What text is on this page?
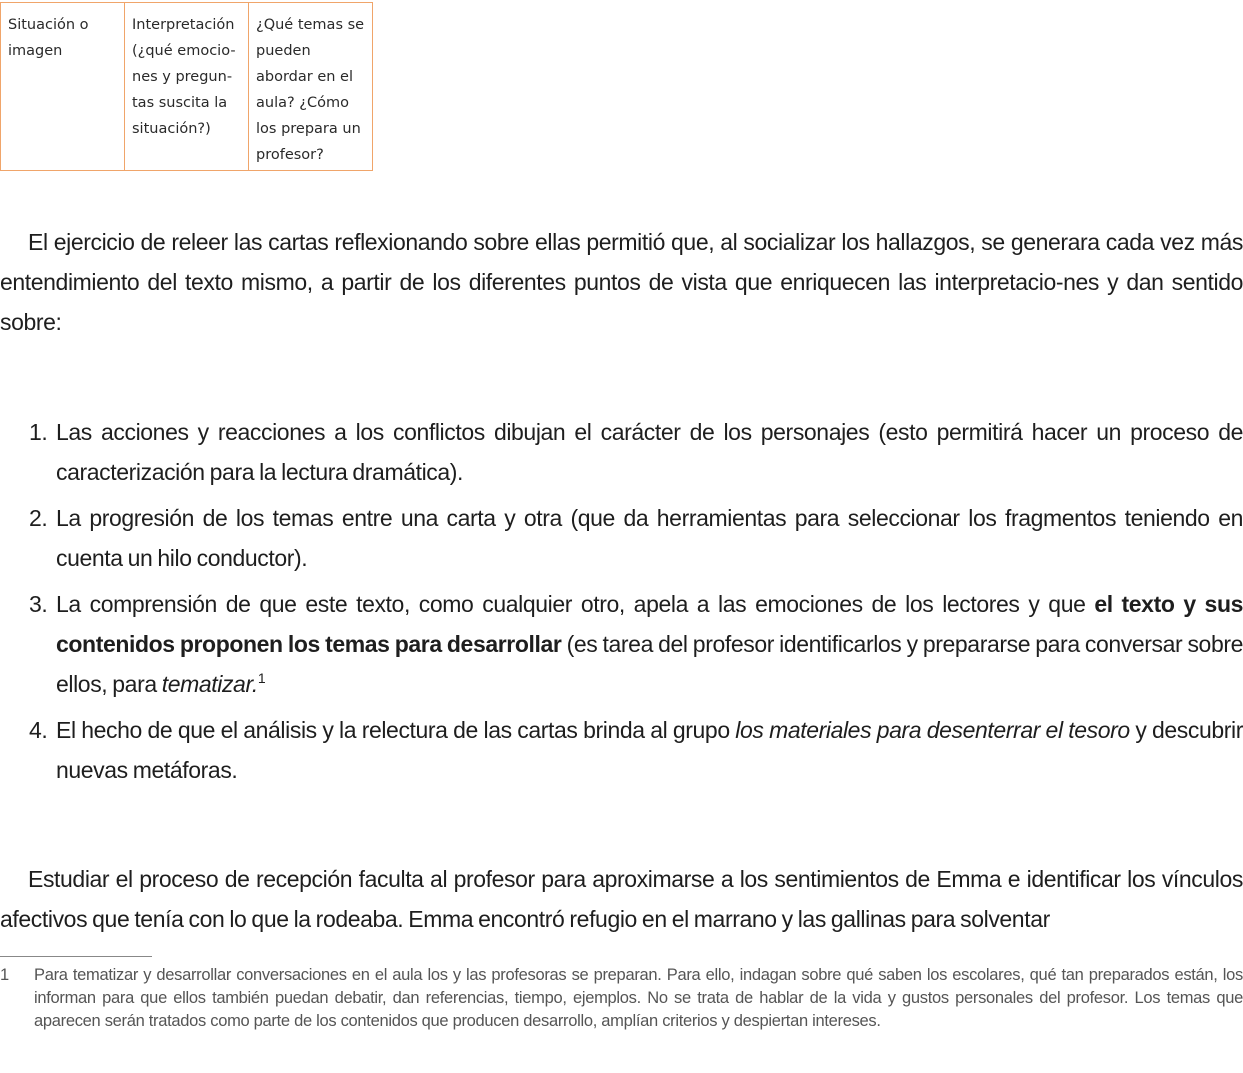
Situación o imagen	Interpretación (¿qué emocio-nes y pregun-tas suscita la situación?)	¿Qué temas se pueden abordar en el aula? ¿Cómo los prepara un profesor?

El ejercicio de releer las cartas reflexionando sobre ellas permitió que, al socializar los hallazgos, se generara cada vez más entendimiento del texto mismo, a partir de los diferentes puntos de vista que enriquecen las interpretacio-nes y dan sentido sobre:

1. Las acciones y reacciones a los conflictos dibujan el carácter de los personajes (esto permitirá hacer un proceso de caracterización para la lectura dramática).
2. La progresión de los temas entre una carta y otra (que da herramientas para seleccionar los fragmentos teniendo en cuenta un hilo conductor).
3. La comprensión de que este texto, como cualquier otro, apela a las emociones de los lectores y que el texto y sus contenidos proponen los temas para desarrollar (es tarea del profesor identificarlos y prepararse para conversar sobre ellos, para tematizar.$^1$
4. El hecho de que el análisis y la relectura de las cartas brinda al grupo los materiales para desenterrar el tesoro y descubrir nuevas metáforas.

Estudiar el proceso de recepción faculta al profesor para aproximarse a los sentimientos de Emma e identificar los vínculos afectivos que tenía con lo que la rodeaba. Emma encontró refugio en el marrano y las gallinas para solventar

1 Para tematizar y desarrollar conversaciones en el aula los y las profesoras se preparan. Para ello, indagan sobre qué saben los escolares, qué tan preparados están, los informan para que ellos también puedan debatir, dan referencias, tiempo, ejemplos. No se trata de hablar de la vida y gustos personales del profesor. Los temas que aparecen serán tratados como parte de los contenidos que producen desarrollo, amplían criterios y despiertan intereses.
